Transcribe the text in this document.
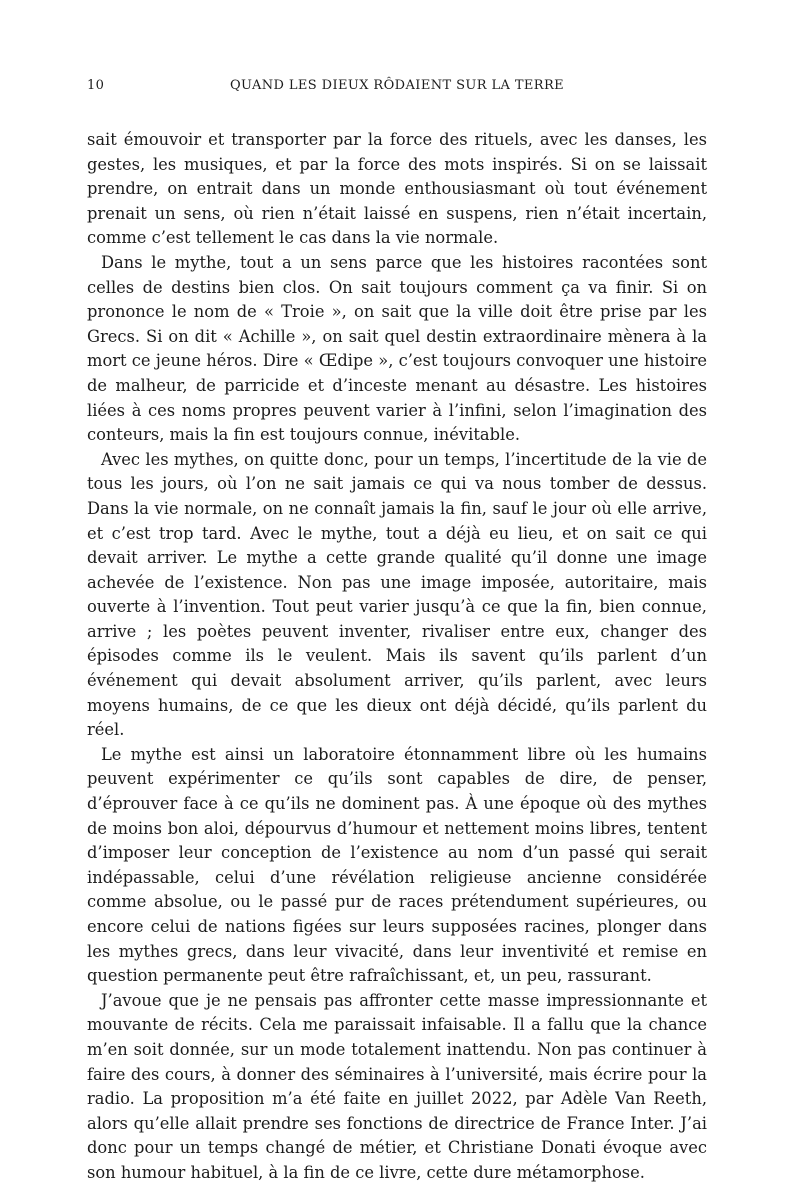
10	QUAND LES DIEUX RÔDAIENT SUR LA TERRE

sait émouvoir et transporter par la force des rituels, avec les danses, les gestes, les musiques, et par la force des mots inspirés. Si on se laissait prendre, on entrait dans un monde enthousiasmant où tout événement prenait un sens, où rien n’était laissé en suspens, rien n’était incertain, comme c’est tellement le cas dans la vie normale.

Dans le mythe, tout a un sens parce que les histoires racontées sont celles de destins bien clos. On sait toujours comment ça va finir. Si on prononce le nom de « Troie », on sait que la ville doit être prise par les Grecs. Si on dit « Achille », on sait quel destin extraordinaire mènera à la mort ce jeune héros. Dire « Œdipe », c’est toujours convoquer une histoire de malheur, de parricide et d’inceste menant au désastre. Les histoires liées à ces noms propres peuvent varier à l’infini, selon l’imagination des conteurs, mais la fin est toujours connue, inévitable.

Avec les mythes, on quitte donc, pour un temps, l’incertitude de la vie de tous les jours, où l’on ne sait jamais ce qui va nous tomber de dessus. Dans la vie normale, on ne connaît jamais la fin, sauf le jour où elle arrive, et c’est trop tard. Avec le mythe, tout a déjà eu lieu, et on sait ce qui devait arriver. Le mythe a cette grande qualité qu’il donne une image achevée de l’existence. Non pas une image imposée, autoritaire, mais ouverte à l’invention. Tout peut varier jusqu’à ce que la fin, bien connue, arrive ; les poètes peuvent inventer, rivaliser entre eux, changer des épisodes comme ils le veulent. Mais ils savent qu’ils parlent d’un événement qui devait absolument arriver, qu’ils parlent, avec leurs moyens humains, de ce que les dieux ont déjà décidé, qu’ils parlent du réel.

Le mythe est ainsi un laboratoire étonnamment libre où les humains peuvent expérimenter ce qu’ils sont capables de dire, de penser, d’éprouver face à ce qu’ils ne dominent pas. À une époque où des mythes de moins bon aloi, dépourvus d’humour et nettement moins libres, tentent d’imposer leur conception de l’existence au nom d’un passé qui serait indépassable, celui d’une révélation religieuse ancienne considérée comme absolue, ou le passé pur de races prétendument supérieures, ou encore celui de nations figées sur leurs supposées racines, plonger dans les mythes grecs, dans leur vivacité, dans leur inventivité et remise en question permanente peut être rafraîchissant, et, un peu, rassurant.

J’avoue que je ne pensais pas affronter cette masse impressionnante et mouvante de récits. Cela me paraissait infaisable. Il a fallu que la chance m’en soit donnée, sur un mode totalement inattendu. Non pas continuer à faire des cours, à donner des séminaires à l’université, mais écrire pour la radio. La proposition m’a été faite en juillet 2022, par Adèle Van Reeth, alors qu’elle allait prendre ses fonctions de directrice de France Inter. J’ai donc pour un temps changé de métier, et Christiane Donati évoque avec son humour habituel, à la fin de ce livre, cette dure métamorphose.
